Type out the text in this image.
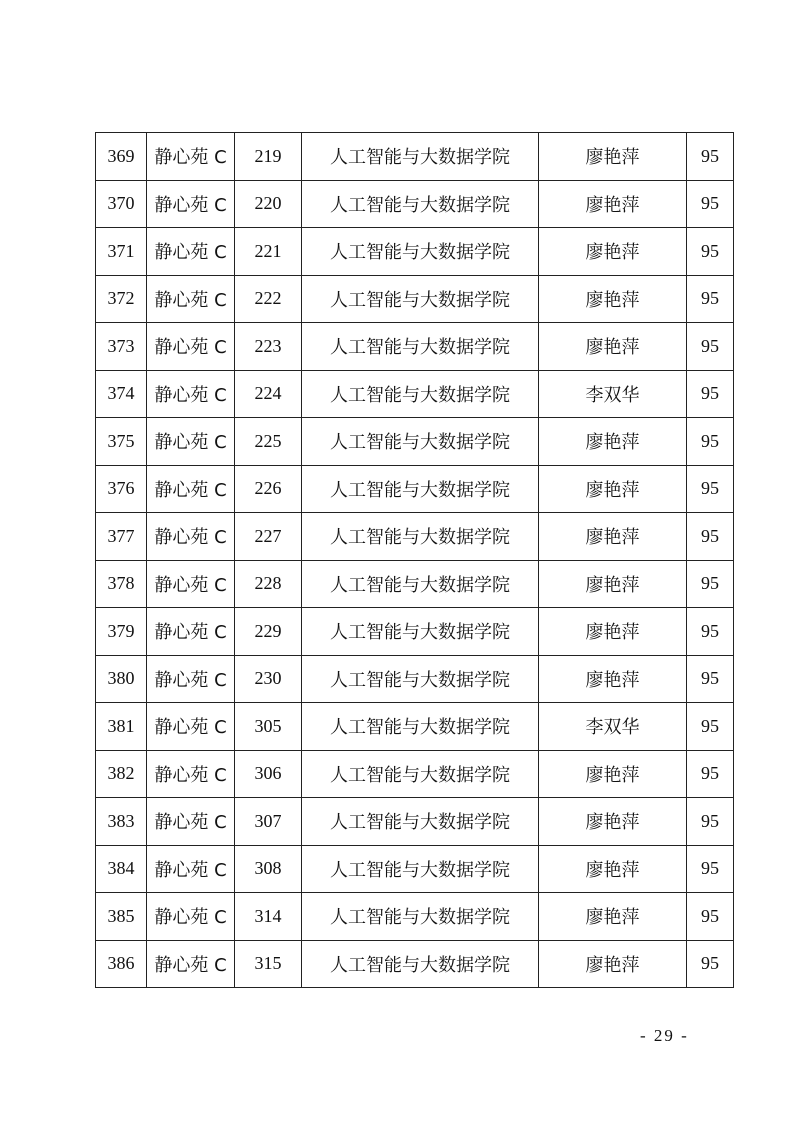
369	静心苑 C	219	人工智能与大数据学院	廖艳萍	95
370	静心苑 C	220	人工智能与大数据学院	廖艳萍	95
371	静心苑 C	221	人工智能与大数据学院	廖艳萍	95
372	静心苑 C	222	人工智能与大数据学院	廖艳萍	95
373	静心苑 C	223	人工智能与大数据学院	廖艳萍	95
374	静心苑 C	224	人工智能与大数据学院	李双华	95
375	静心苑 C	225	人工智能与大数据学院	廖艳萍	95
376	静心苑 C	226	人工智能与大数据学院	廖艳萍	95
377	静心苑 C	227	人工智能与大数据学院	廖艳萍	95
378	静心苑 C	228	人工智能与大数据学院	廖艳萍	95
379	静心苑 C	229	人工智能与大数据学院	廖艳萍	95
380	静心苑 C	230	人工智能与大数据学院	廖艳萍	95
381	静心苑 C	305	人工智能与大数据学院	李双华	95
382	静心苑 C	306	人工智能与大数据学院	廖艳萍	95
383	静心苑 C	307	人工智能与大数据学院	廖艳萍	95
384	静心苑 C	308	人工智能与大数据学院	廖艳萍	95
385	静心苑 C	314	人工智能与大数据学院	廖艳萍	95
386	静心苑 C	315	人工智能与大数据学院	廖艳萍	95
- 29 -
